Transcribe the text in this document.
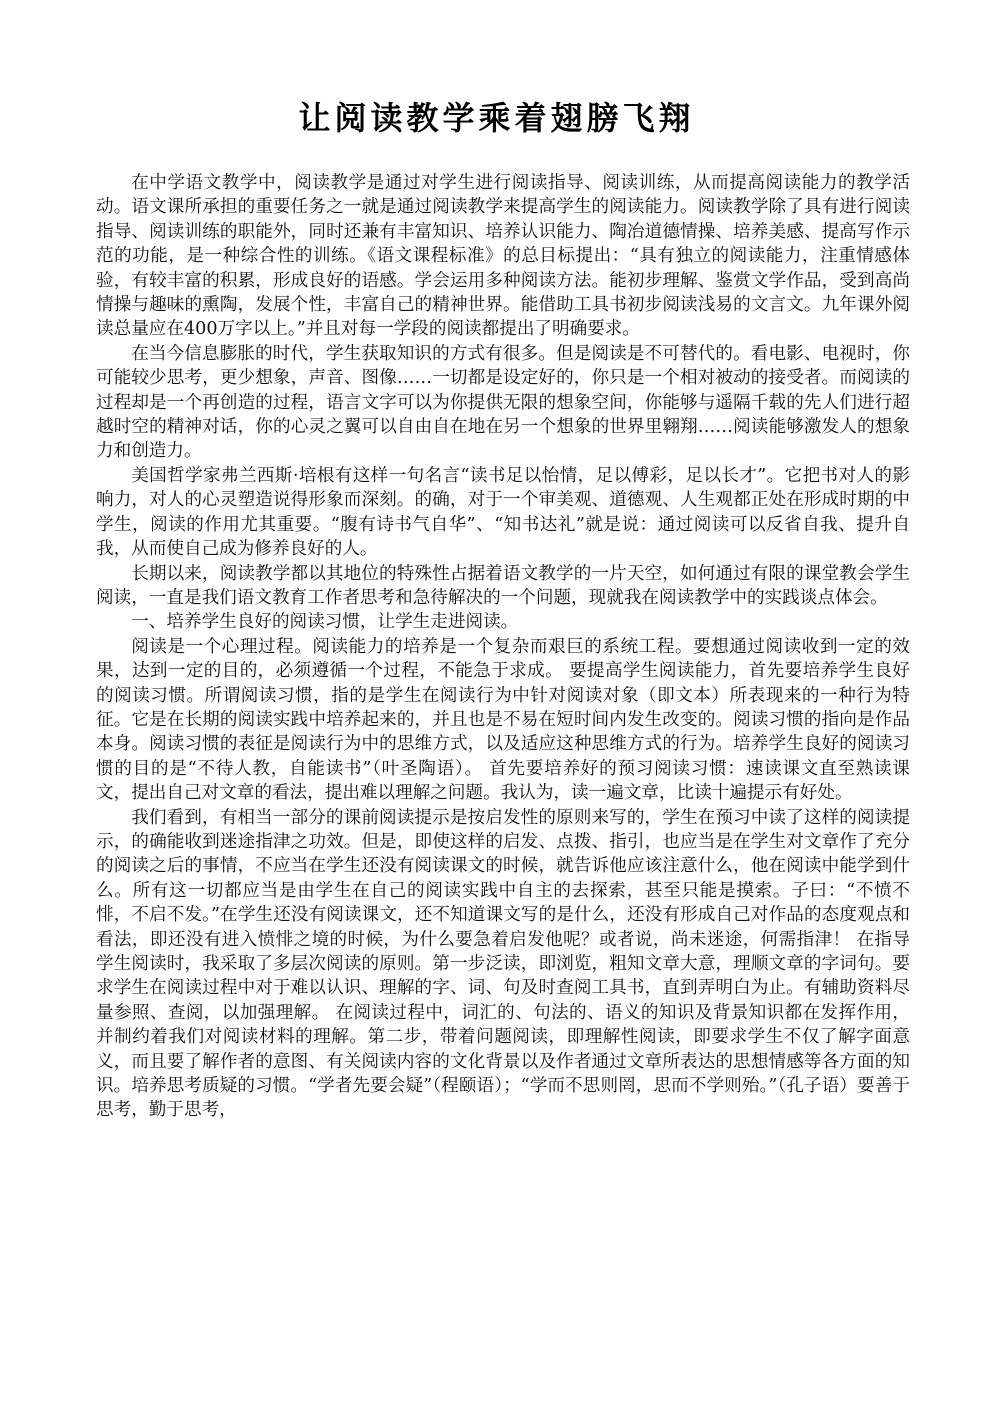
让阅读教学乘着翅膀飞翔

在中学语文教学中，阅读教学是通过对学生进行阅读指导、阅读训练，从而提高阅读能力的教学活动。语文课所承担的重要任务之一就是通过阅读教学来提高学生的阅读能力。阅读教学除了具有进行阅读指导、阅读训练的职能外，同时还兼有丰富知识、培养认识能力、陶冶道德情操、培养美感、提高写作示范的功能，是一种综合性的训练。《语文课程标准》的总目标提出：“具有独立的阅读能力，注重情感体验，有较丰富的积累，形成良好的语感。学会运用多种阅读方法。能初步理解、鉴赏文学作品，受到高尚情操与趣味的熏陶，发展个性，丰富自己的精神世界。能借助工具书初步阅读浅易的文言文。九年课外阅读总量应在400万字以上。”并且对每一学段的阅读都提出了明确要求。

在当今信息膨胀的时代，学生获取知识的方式有很多。但是阅读是不可替代的。看电影、电视时，你可能较少思考，更少想象，声音、图像……一切都是设定好的，你只是一个相对被动的接受者。而阅读的过程却是一个再创造的过程，语言文字可以为你提供无限的想象空间，你能够与遥隔千载的先人们进行超越时空的精神对话，你的心灵之翼可以自由自在地在另一个想象的世界里翱翔……阅读能够激发人的想象力和创造力。

美国哲学家弗兰西斯·培根有这样一句名言“读书足以怡情，足以傅彩，足以长才”。它把书对人的影响力，对人的心灵塑造说得形象而深刻。的确，对于一个审美观、道德观、人生观都正处在形成时期的中学生，阅读的作用尤其重要。“腹有诗书气自华”、“知书达礼”就是说：通过阅读可以反省自我、提升自我，从而使自己成为修养良好的人。

长期以来，阅读教学都以其地位的特殊性占据着语文教学的一片天空，如何通过有限的课堂教会学生阅读，一直是我们语文教育工作者思考和急待解决的一个问题，现就我在阅读教学中的实践谈点体会。

一、培养学生良好的阅读习惯，让学生走进阅读。

阅读是一个心理过程。阅读能力的培养是一个复杂而艰巨的系统工程。要想通过阅读收到一定的效果，达到一定的目的，必须遵循一个过程，不能急于求成。 要提高学生阅读能力，首先要培养学生良好的阅读习惯。所谓阅读习惯，指的是学生在阅读行为中针对阅读对象（即文本）所表现来的一种行为特征。它是在长期的阅读实践中培养起来的，并且也是不易在短时间内发生改变的。阅读习惯的指向是作品本身。阅读习惯的表征是阅读行为中的思维方式，以及适应这种思维方式的行为。培养学生良好的阅读习惯的目的是“不待人教，自能读书”（叶圣陶语）。 首先要培养好的预习阅读习惯：速读课文直至熟读课文，提出自己对文章的看法，提出难以理解之问题。我认为，读一遍文章，比读十遍提示有好处。

我们看到，有相当一部分的课前阅读提示是按启发性的原则来写的，学生在预习中读了这样的阅读提示，的确能收到迷途指津之功效。但是，即使这样的启发、点拨、指引，也应当是在学生对文章作了充分的阅读之后的事情，不应当在学生还没有阅读课文的时候，就告诉他应该注意什么，他在阅读中能学到什么。所有这一切都应当是由学生在自己的阅读实践中自主的去探索，甚至只能是摸索。子曰：“不愤不悱，不启不发。”在学生还没有阅读课文，还不知道课文写的是什么，还没有形成自己对作品的态度观点和看法，即还没有进入愤悱之境的时候，为什么要急着启发他呢？或者说，尚未迷途，何需指津！ 在指导学生阅读时，我采取了多层次阅读的原则。第一步泛读，即浏览，粗知文章大意，理顺文章的字词句。要求学生在阅读过程中对于难以认识、理解的字、词、句及时查阅工具书，直到弄明白为止。有辅助资料尽量参照、查阅，以加强理解。 在阅读过程中，词汇的、句法的、语义的知识及背景知识都在发挥作用，并制约着我们对阅读材料的理解。第二步，带着问题阅读，即理解性阅读，即要求学生不仅了解字面意义，而且要了解作者的意图、有关阅读内容的文化背景以及作者通过文章所表达的思想情感等各方面的知识。培养思考质疑的习惯。“学者先要会疑”（程颐语）；“学而不思则罔，思而不学则殆。”（孔子语）要善于思考，勤于思考，
